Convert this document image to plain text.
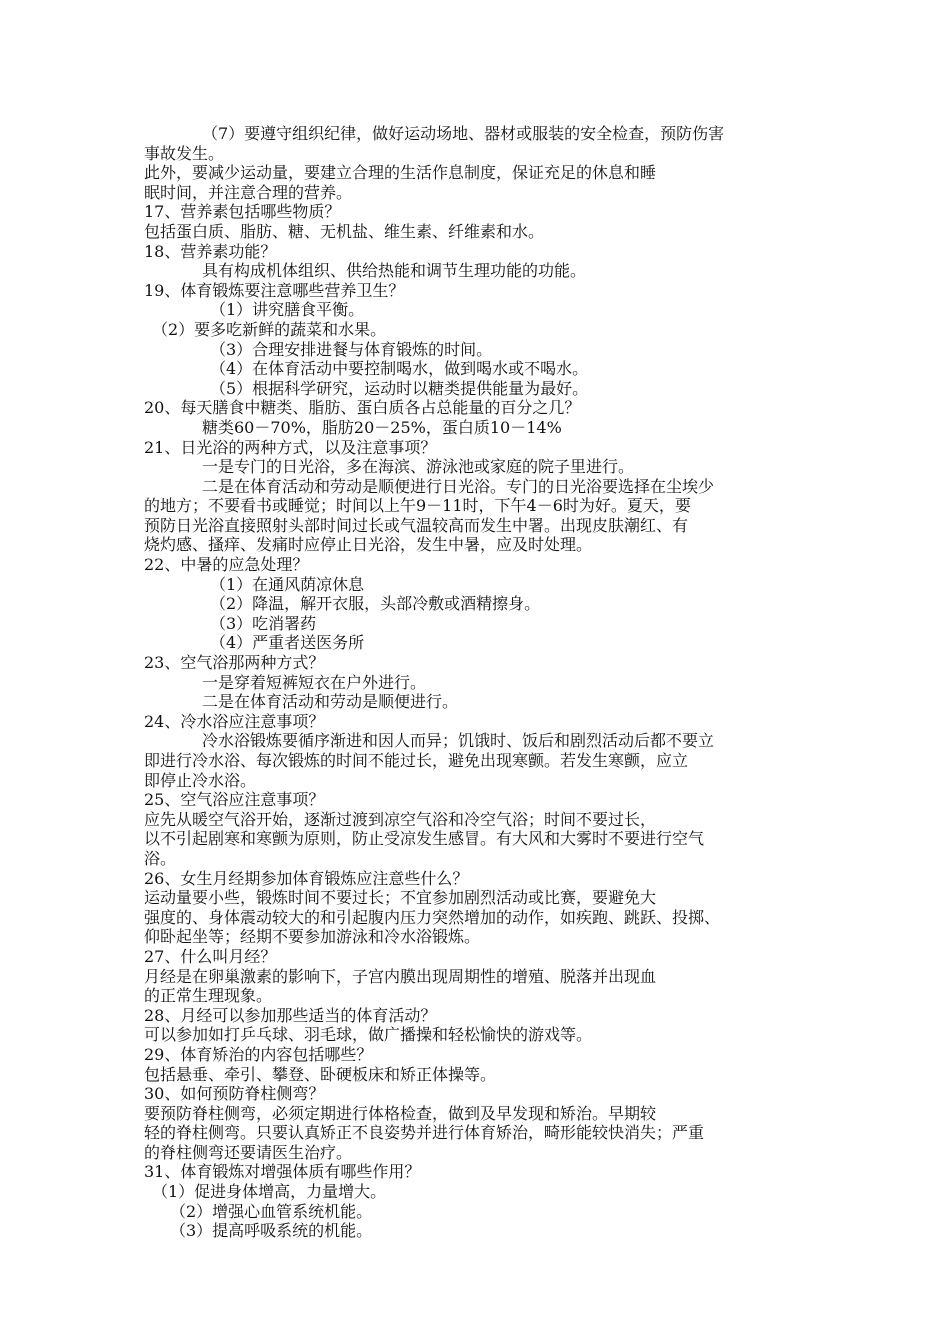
（7）要遵守组织纪律，做好运动场地、器材或服装的安全检查，预防伤害
事故发生。
此外，要减少运动量，要建立合理的生活作息制度，保证充足的休息和睡
眠时间，并注意合理的营养。
17、营养素包括哪些物质？
包括蛋白质、脂肪、糖、无机盐、维生素、纤维素和水。
18、营养素功能？
具有构成机体组织、供给热能和调节生理功能的功能。
19、体育锻炼要注意哪些营养卫生？
（1）讲究膳食平衡。
（2）要多吃新鲜的蔬菜和水果。
（3）合理安排进餐与体育锻炼的时间。
（4）在体育活动中要控制喝水，做到喝水或不喝水。
（5）根据科学研究，运动时以糖类提供能量为最好。
20、每天膳食中糖类、脂肪、蛋白质各占总能量的百分之几？
糖类60－70%，脂肪20－25%，蛋白质10－14%
21、日光浴的两种方式，以及注意事项？
一是专门的日光浴，多在海滨、游泳池或家庭的院子里进行。
二是在体育活动和劳动是顺便进行日光浴。专门的日光浴要选择在尘埃少
的地方；不要看书或睡觉；时间以上午9－11时，下午4－6时为好。夏天，要
预防日光浴直接照射头部时间过长或气温较高而发生中署。出现皮肤潮红、有
烧灼感、搔痒、发痛时应停止日光浴，发生中暑，应及时处理。
22、中暑的应急处理？
（1）在通风荫凉休息
（2）降温，解开衣服，头部冷敷或酒精擦身。
（3）吃消署药
（4）严重者送医务所
23、空气浴那两种方式？
一是穿着短裤短衣在户外进行。
二是在体育活动和劳动是顺便进行。
24、冷水浴应注意事项？
冷水浴锻炼要循序渐进和因人而异；饥饿时、饭后和剧烈活动后都不要立
即进行冷水浴、每次锻炼的时间不能过长，避免出现寒颤。若发生寒颤，应立
即停止冷水浴。
25、空气浴应注意事项？
应先从暖空气浴开始，逐渐过渡到凉空气浴和冷空气浴；时间不要过长，
以不引起剧寒和寒颤为原则，防止受凉发生感冒。有大风和大雾时不要进行空气
浴。
26、女生月经期参加体育锻炼应注意些什么？
运动量要小些，锻炼时间不要过长；不宜参加剧烈活动或比赛，要避免大
强度的、身体震动较大的和引起腹内压力突然增加的动作，如疾跑、跳跃、投掷、
仰卧起坐等；经期不要参加游泳和冷水浴锻炼。
27、什么叫月经？
月经是在卵巢激素的影响下，子宫内膜出现周期性的增殖、脱落并出现血
的正常生理现象。
28、月经可以参加那些适当的体育活动？
可以参加如打乒乓球、羽毛球，做广播操和轻松愉快的游戏等。
29、体育矫治的内容包括哪些？
包括悬垂、牵引、攀登、卧硬板床和矫正体操等。
30、如何预防脊柱侧弯？
要预防脊柱侧弯，必须定期进行体格检查，做到及早发现和矫治。早期较
轻的脊柱侧弯。只要认真矫正不良姿势并进行体育矫治，畸形能较快消失；严重
的脊柱侧弯还要请医生治疗。
31、体育锻炼对增强体质有哪些作用？
（1）促进身体增高，力量增大。
（2）增强心血管系统机能。
（3）提高呼吸系统的机能。
